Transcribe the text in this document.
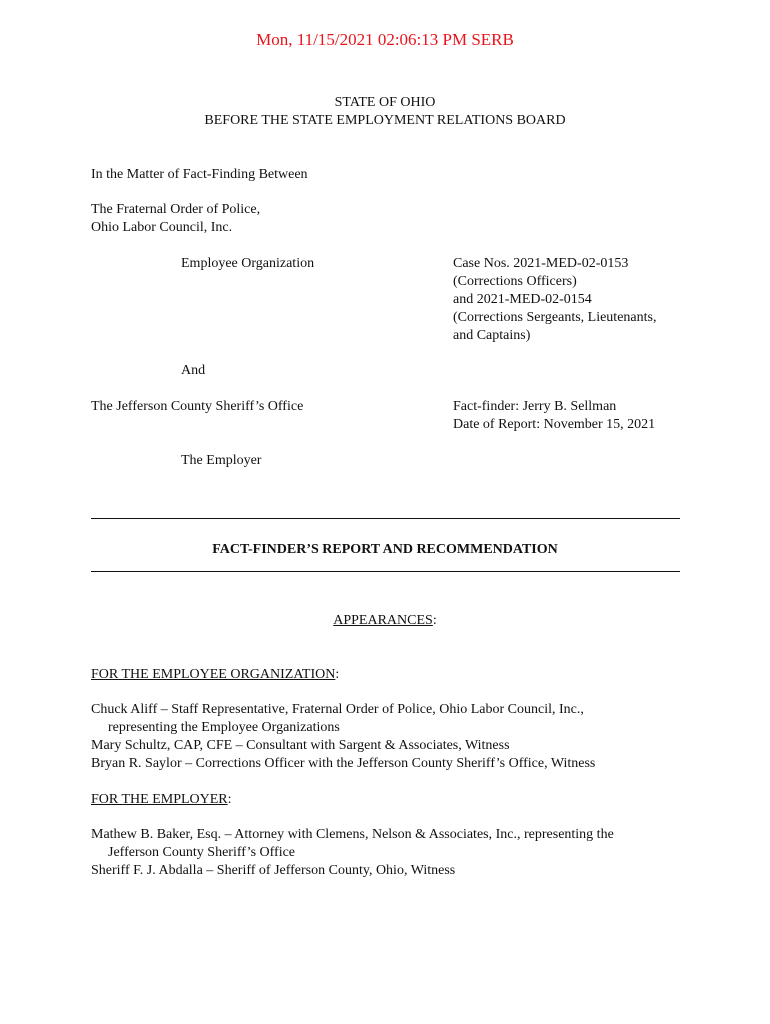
Mon, 11/15/2021 02:06:13 PM SERB
STATE OF OHIO
BEFORE THE STATE EMPLOYMENT RELATIONS BOARD
In the Matter of Fact-Finding Between
The Fraternal Order of Police,
Ohio Labor Council, Inc.
Employee Organization	Case Nos. 2021-MED-02-0153
(Corrections Officers)
and 2021-MED-02-0154
(Corrections Sergeants, Lieutenants,
and Captains)
And
The Jefferson County Sheriff’s Office	Fact-finder: Jerry B. Sellman
Date of Report: November 15, 2021
The Employer
FACT-FINDER’S REPORT AND RECOMMENDATION
APPEARANCES:
FOR THE EMPLOYEE ORGANIZATION:
Chuck Aliff – Staff Representative, Fraternal Order of Police, Ohio Labor Council, Inc.,
representing the Employee Organizations
Mary Schultz, CAP, CFE – Consultant with Sargent & Associates, Witness
Bryan R. Saylor – Corrections Officer with the Jefferson County Sheriff’s Office, Witness
FOR THE EMPLOYER:
Mathew B. Baker, Esq. – Attorney with Clemens, Nelson & Associates, Inc., representing the
Jefferson County Sheriff’s Office
Sheriff F. J. Abdalla – Sheriff of Jefferson County, Ohio, Witness
